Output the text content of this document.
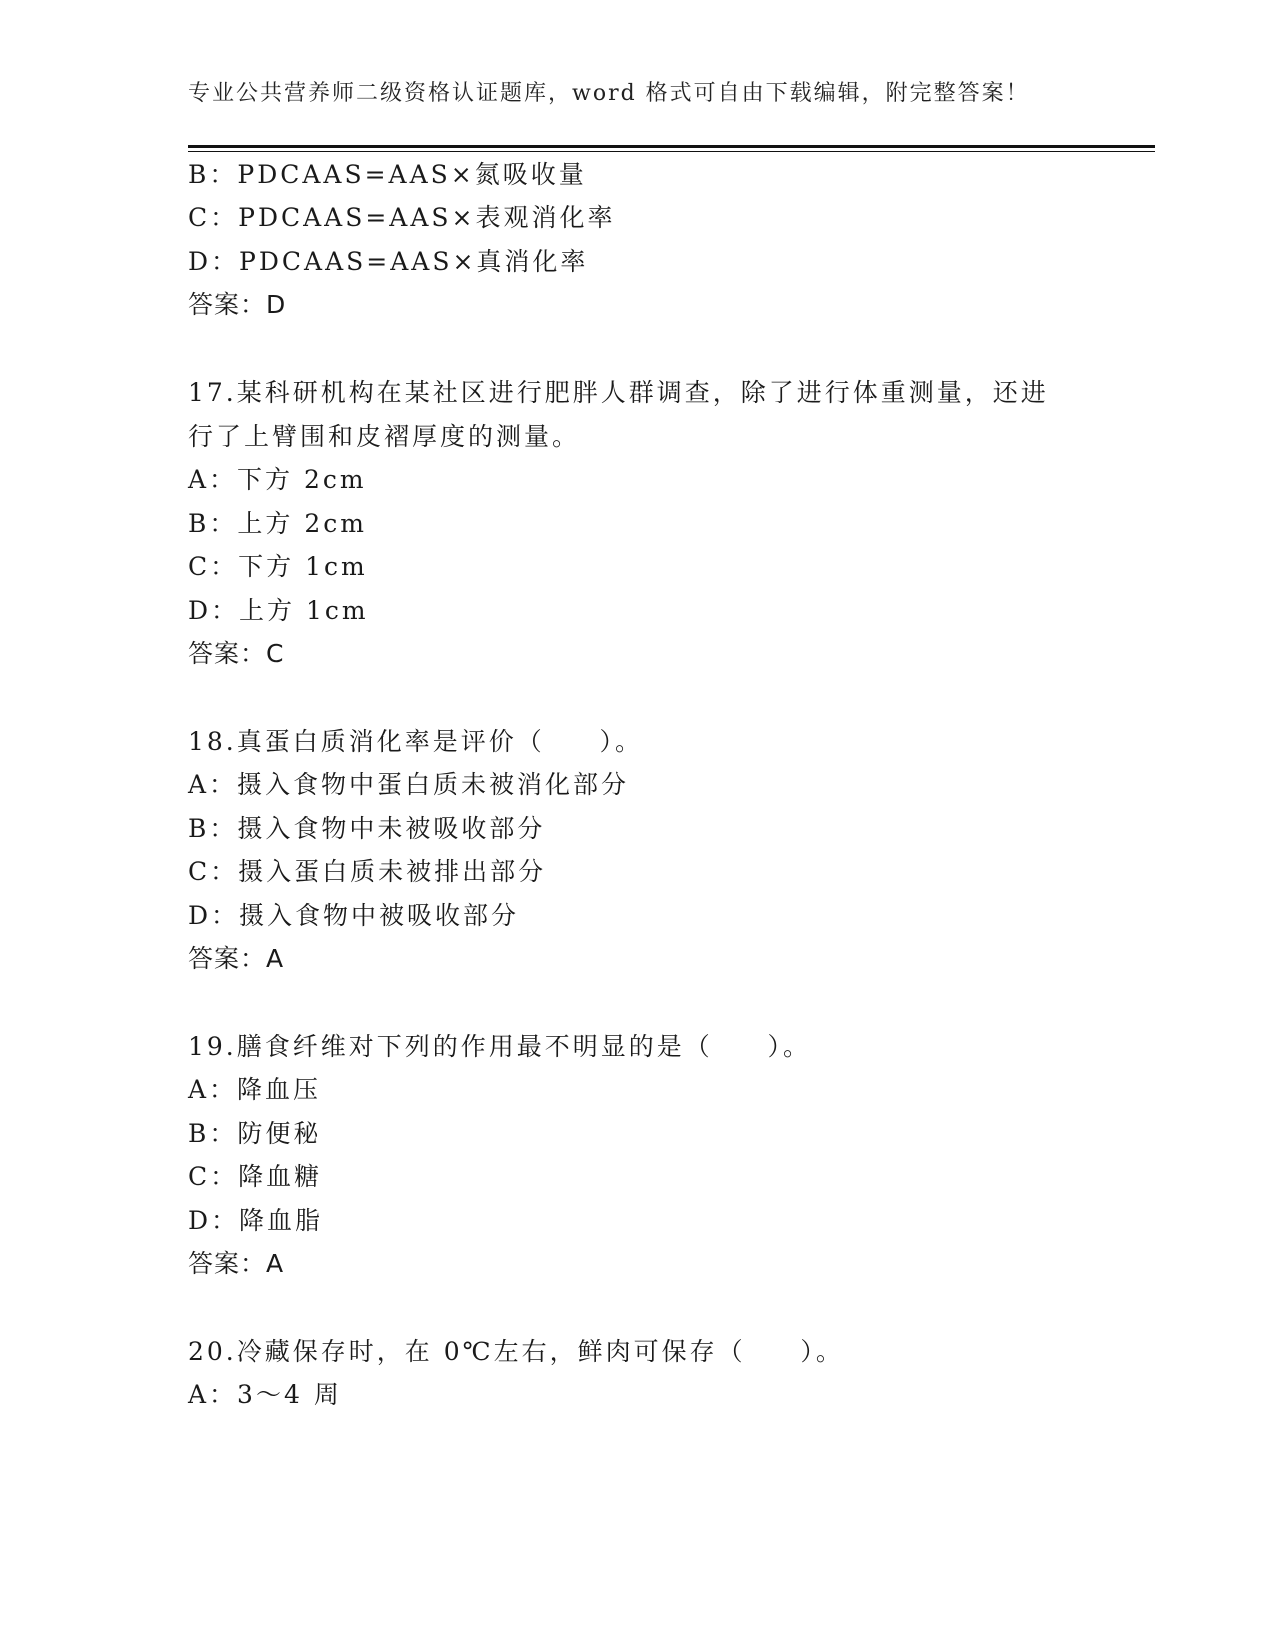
专业公共营养师二级资格认证题库，word 格式可自由下载编辑，附完整答案！
B：PDCAAS=AAS×氮吸收量
C：PDCAAS=AAS×表观消化率
D：PDCAAS=AAS×真消化率
答案：D
17.某科研机构在某社区进行肥胖人群调查，除了进行体重测量，还进
行了上臂围和皮褶厚度的测量。
A：下方 2cm
B：上方 2cm
C：下方 1cm
D：上方 1cm
答案：C
18.真蛋白质消化率是评价（     ）。
A：摄入食物中蛋白质未被消化部分
B：摄入食物中未被吸收部分
C：摄入蛋白质未被排出部分
D：摄入食物中被吸收部分
答案：A
19.膳食纤维对下列的作用最不明显的是（     ）。
A：降血压
B：防便秘
C：降血糖
D：降血脂
答案：A
20.冷藏保存时，在 0℃左右，鲜肉可保存（     ）。
A：3～4 周
